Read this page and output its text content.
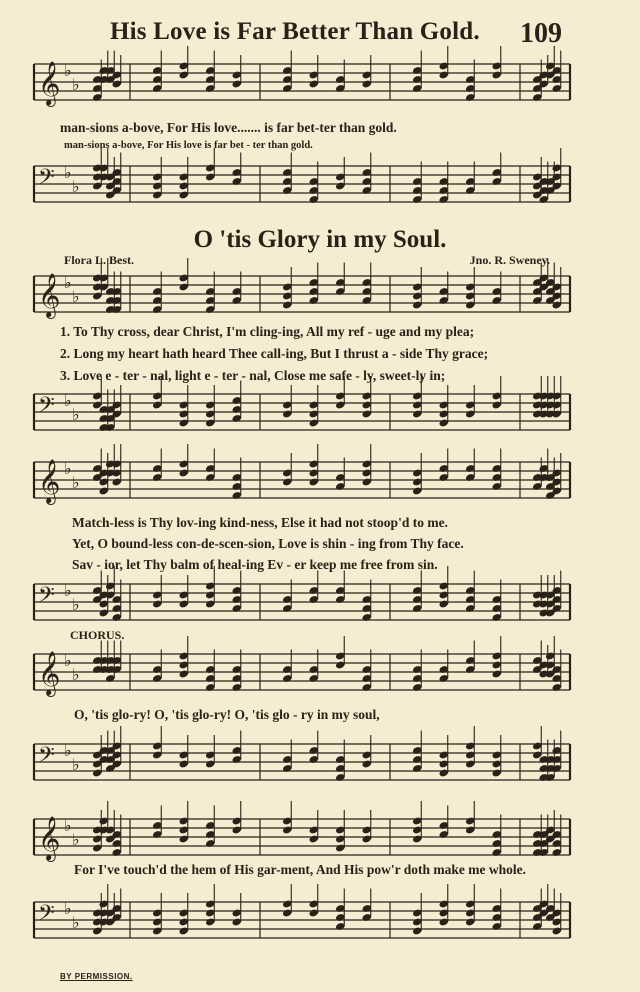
His Love is Far Better Than Gold. 109
𝄞 ♭
♭
man-sions a-bove, For His love....... is far bet-ter than gold.
man-sions a-bove, For His love is far bet - ter than gold.
𝄢 ♭
♭
O 'tis Glory in my Soul.
Flora L. Best.	Jno. R. Sweney.
𝄞 ♭
♭
1. To Thy cross, dear Christ, I'm cling-ing, All my ref - uge and my plea;
2. Long my heart hath heard Thee call-ing, But I thrust a - side Thy grace;
3. Love e - ter - nal, light e - ter - nal, Close me safe - ly, sweet-ly in;
𝄢 ♭
♭
𝄞 ♭
♭
Match-less is Thy lov-ing kind-ness, Else it had not stoop'd to me.
Yet, O bound-less con-de-scen-sion, Love is shin - ing from Thy face.
Sav - ior, let Thy balm of heal-ing Ev - er keep me free from sin.
𝄢 ♭
♭
CHORUS.
𝄞 ♭
♭
O, 'tis glo-ry! O, 'tis glo-ry! O, 'tis glo - ry in my soul,
𝄢 ♭
♭
𝄞 ♭
♭
For I've touch'd the hem of His gar-ment, And His pow'r doth make me whole.
𝄢 ♭
♭
BY PERMISSION.
